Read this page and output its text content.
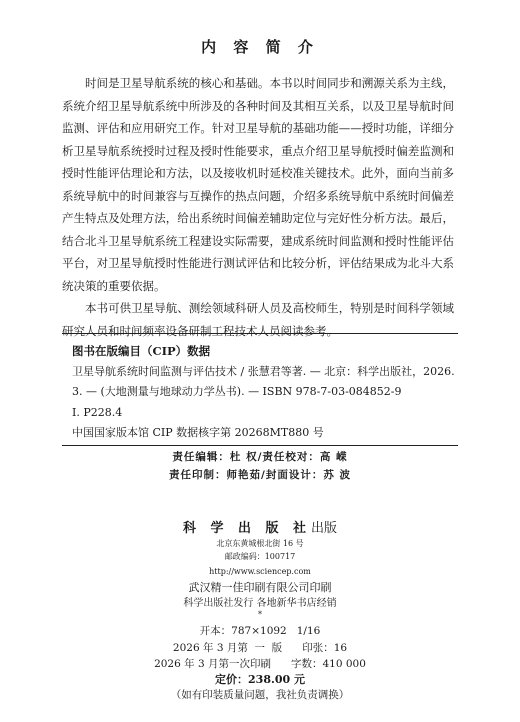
内 容 简 介

时间是卫星导航系统的核心和基础。本书以时间同步和溯源关系为主线，系统介绍卫星导航系统中所涉及的各种时间及其相互关系，以及卫星导航时间监测、评估和应用研究工作。针对卫星导航的基础功能——授时功能，详细分析卫星导航系统授时过程及授时性能要求，重点介绍卫星导航授时偏差监测和授时性能评估理论和方法，以及接收机时延校准关键技术。此外，面向当前多系统导航中的时间兼容与互操作的热点问题，介绍多系统导航中系统时间偏差产生特点及处理方法，给出系统时间偏差辅助定位与完好性分析方法。最后，结合北斗卫星导航系统工程建设实际需要，建成系统时间监测和授时性能评估平台，对卫星导航授时性能进行测试评估和比较分析，评估结果成为北斗大系统决策的重要依据。

本书可供卫星导航、测绘领域科研人员及高校师生，特别是时间科学领域研究人员和时间频率设备研制工程技术人员阅读参考。

图书在版编目（CIP）数据
卫星导航系统时间监测与评估技术 / 张慧君等著. — 北京：科学出版社，2026. 3. — (大地测量与地球动力学丛书). — ISBN 978-7-03-084852-9
I. P228.4
中国国家版本馆 CIP 数据核字第 20268MT880 号
责任编辑：杜 权/责任校对：高 嵘
责任印制：师艳茹/封面设计：苏 波
科 学 出 版 社出版
北京东黄城根北街 16 号
邮政编码：100717
http://www.sciencep.com
武汉精一佳印刷有限公司印刷
科学出版社发行 各地新华书店经销
*
开本：787×1092   1/16
2026 年 3 月第  一  版      印张：16
2026 年 3 月第一次印刷      字数：410 000
定价：238.00 元
（如有印装质量问题，我社负责调换）
